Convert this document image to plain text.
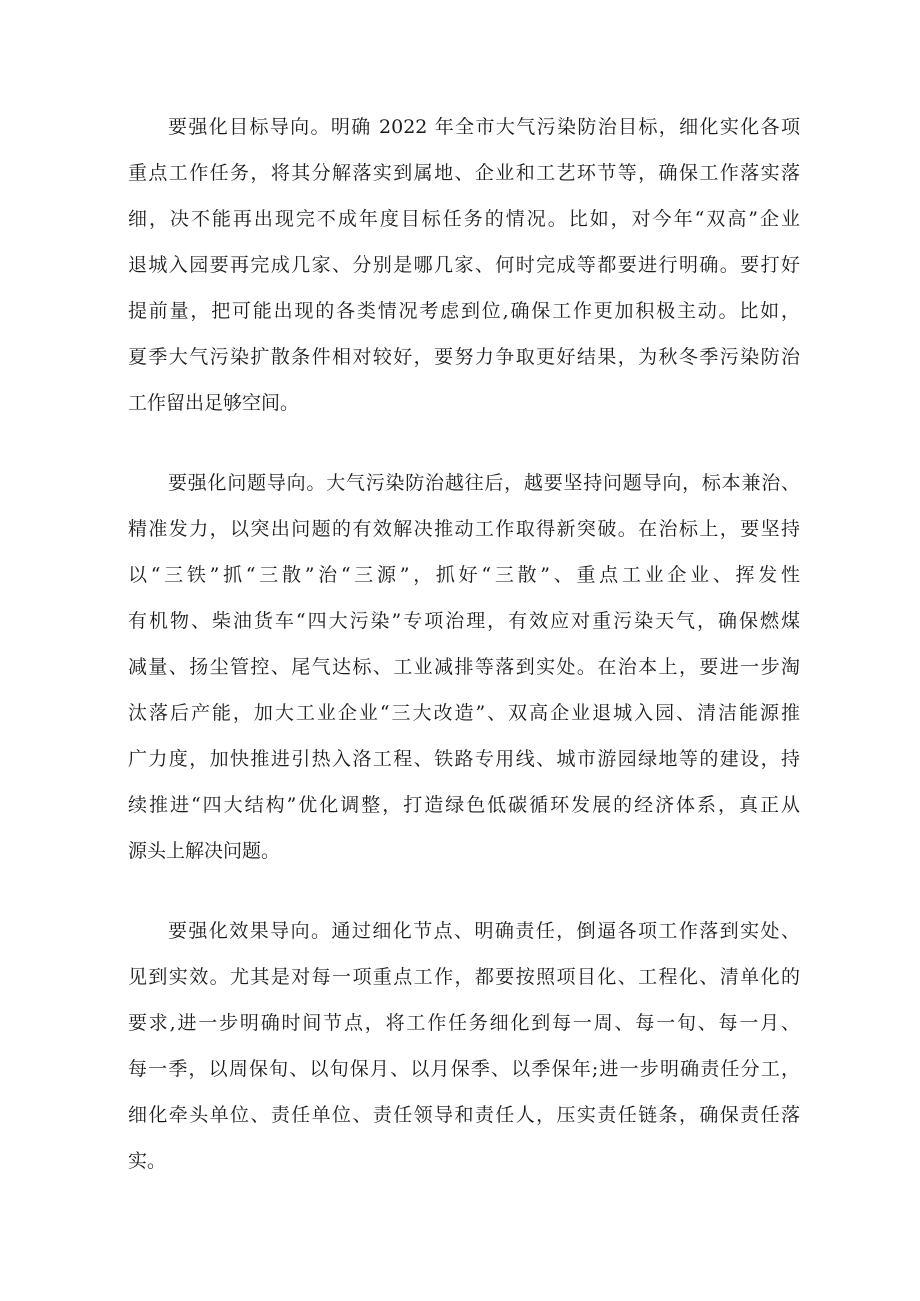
要强化目标导向。明确 2022 年全市大气污染防治目标，细化实化各项
重点工作任务，将其分解落实到属地、企业和工艺环节等，确保工作落实落
细，决不能再出现完不成年度目标任务的情况。比如，对今年“双高”企业
退城入园要再完成几家、分别是哪几家、何时完成等都要进行明确。要打好
提前量，把可能出现的各类情况考虑到位,确保工作更加积极主动。比如，
夏季大气污染扩散条件相对较好，要努力争取更好结果，为秋冬季污染防治
工作留出足够空间。

要强化问题导向。大气污染防治越往后，越要坚持问题导向，标本兼治、
精准发力，以突出问题的有效解决推动工作取得新突破。在治标上，要坚持
以“三铁”抓“三散”治“三源”，抓好“三散”、重点工业企业、挥发性
有机物、柴油货车“四大污染”专项治理，有效应对重污染天气，确保燃煤
减量、扬尘管控、尾气达标、工业减排等落到实处。在治本上，要进一步淘
汰落后产能，加大工业企业“三大改造”、双高企业退城入园、清洁能源推
广力度，加快推进引热入洛工程、铁路专用线、城市游园绿地等的建设，持
续推进“四大结构”优化调整，打造绿色低碳循环发展的经济体系，真正从
源头上解决问题。

要强化效果导向。通过细化节点、明确责任，倒逼各项工作落到实处、
见到实效。尤其是对每一项重点工作，都要按照项目化、工程化、清单化的
要求,进一步明确时间节点，将工作任务细化到每一周、每一旬、每一月、
每一季，以周保旬、以旬保月、以月保季、以季保年;进一步明确责任分工，
细化牵头单位、责任单位、责任领导和责任人，压实责任链条，确保责任落
实。
